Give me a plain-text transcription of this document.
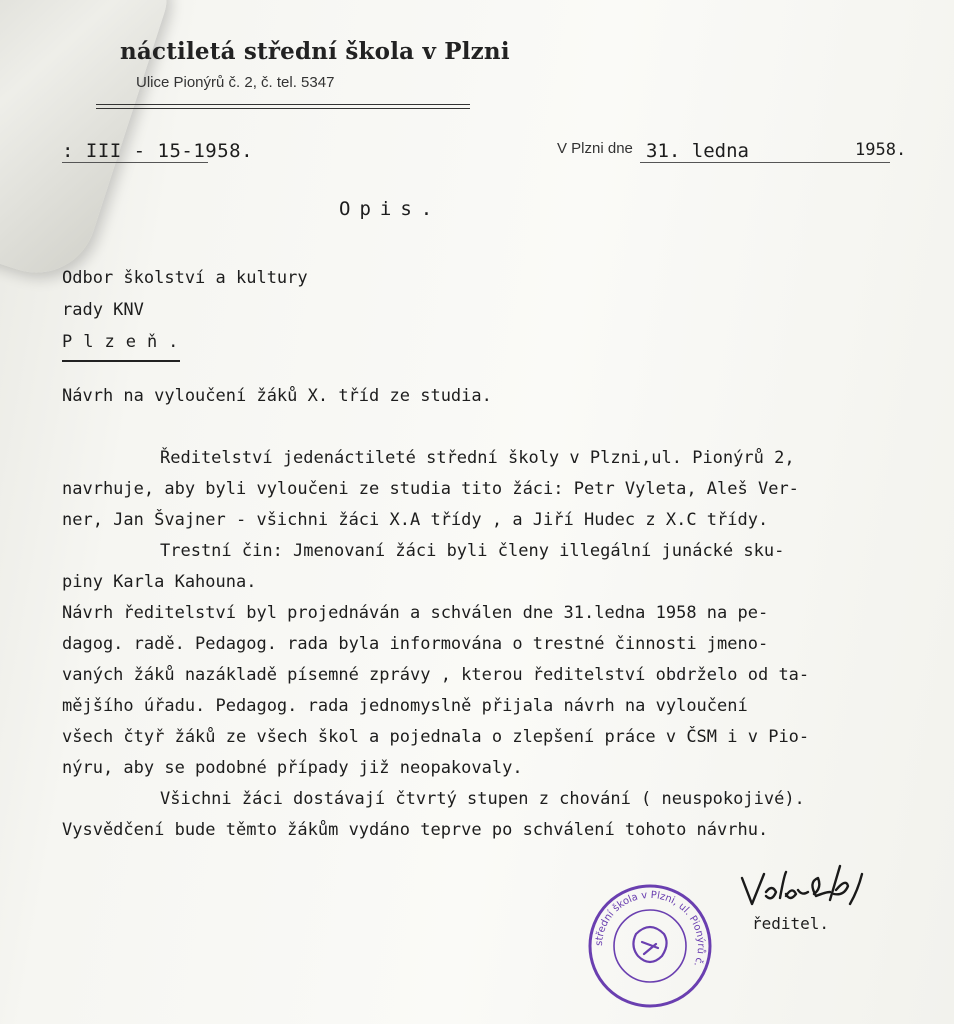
náctiletá střední škola v Plzni
Ulice Pionýrů č. 2, č. tel. 5347
: III - 15-1958.	V Plzni dne 31. ledna	1958.
Opis.
Odbor školství a kultury
rady KNV
Plzeň.
Návrh na vyloučení žáků X. tříd ze studia.
Ředitelství jedenáctileté střední školy v Plzni,ul. Pionýrů 2,
navrhuje, aby byli vyloučeni ze studia tito žáci: Petr Vyleta, Aleš Ver-
ner, Jan Švajner - všichni žáci X.A třídy , a Jiří Hudec z X.C třídy.
Trestní čin: Jmenovaní žáci byli členy illegální junácké sku-
piny Karla Kahouna.
Návrh ředitelství byl projednáván a schválen dne 31.ledna 1958 na pe-
dagog. radě. Pedagog. rada byla informována o trestné činnosti jmeno-
vaných žáků nazákladě písemné zprávy , kterou ředitelství obdrželo od ta-
mějšího úřadu. Pedagog. rada jednomyslně přijala návrh na vyloučení
všech čtyř žáků ze všech škol a pojednala o zlepšení práce v ČSM i v Pio-
nýru, aby se podobné případy již neopakovaly.
Všichni žáci dostávají čtvrtý stupen z chování ( neuspokojivé).
Vysvědčení bude těmto žákům vydáno teprve po schválení tohoto návrhu.
ředitel.
střední škola v Plzni, ul. Pionýrů č.
